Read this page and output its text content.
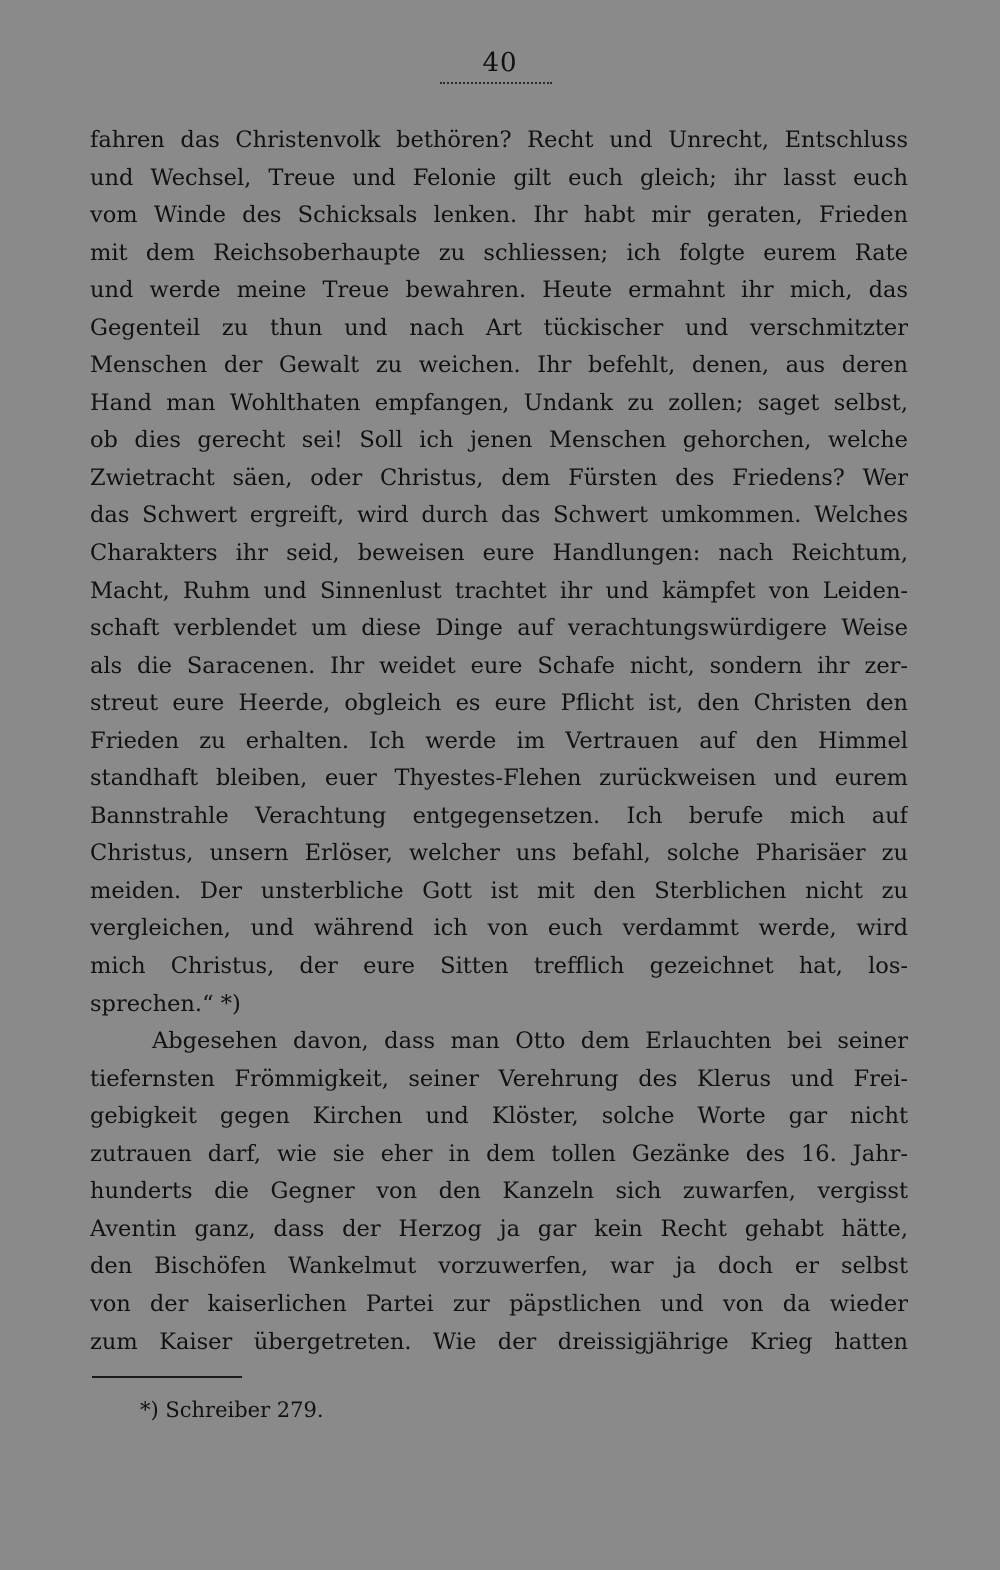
40
fahren das Christenvolk bethören? Recht und Unrecht, Entschluss
und Wechsel, Treue und Felonie gilt euch gleich; ihr lasst euch
vom Winde des Schicksals lenken. Ihr habt mir geraten, Frieden
mit dem Reichsoberhaupte zu schliessen; ich folgte eurem Rate
und werde meine Treue bewahren. Heute ermahnt ihr mich, das
Gegenteil zu thun und nach Art tückischer und verschmitzter
Menschen der Gewalt zu weichen. Ihr befehlt, denen, aus deren
Hand man Wohlthaten empfangen, Undank zu zollen; saget selbst,
ob dies gerecht sei! Soll ich jenen Menschen gehorchen, welche
Zwietracht säen, oder Christus, dem Fürsten des Friedens? Wer
das Schwert ergreift, wird durch das Schwert umkommen. Welches
Charakters ihr seid, beweisen eure Handlungen: nach Reichtum,
Macht, Ruhm und Sinnenlust trachtet ihr und kämpfet von Leiden-
schaft verblendet um diese Dinge auf verachtungswürdigere Weise
als die Saracenen. Ihr weidet eure Schafe nicht, sondern ihr zer-
streut eure Heerde, obgleich es eure Pflicht ist, den Christen den
Frieden zu erhalten. Ich werde im Vertrauen auf den Himmel
standhaft bleiben, euer Thyestes-Flehen zurückweisen und eurem
Bannstrahle Verachtung entgegensetzen. Ich berufe mich auf
Christus, unsern Erlöser, welcher uns befahl, solche Pharisäer zu
meiden. Der unsterbliche Gott ist mit den Sterblichen nicht zu
vergleichen, und während ich von euch verdammt werde, wird
mich Christus, der eure Sitten trefflich gezeichnet hat, los-
sprechen.“ *)
Abgesehen davon, dass man Otto dem Erlauchten bei seiner
tiefernsten Frömmigkeit, seiner Verehrung des Klerus und Frei-
gebigkeit gegen Kirchen und Klöster, solche Worte gar nicht
zutrauen darf, wie sie eher in dem tollen Gezänke des 16. Jahr-
hunderts die Gegner von den Kanzeln sich zuwarfen, vergisst
Aventin ganz, dass der Herzog ja gar kein Recht gehabt hätte,
den Bischöfen Wankelmut vorzuwerfen, war ja doch er selbst
von der kaiserlichen Partei zur päpstlichen und von da wieder
zum Kaiser übergetreten. Wie der dreissigjährige Krieg hatten
*) Schreiber 279.
